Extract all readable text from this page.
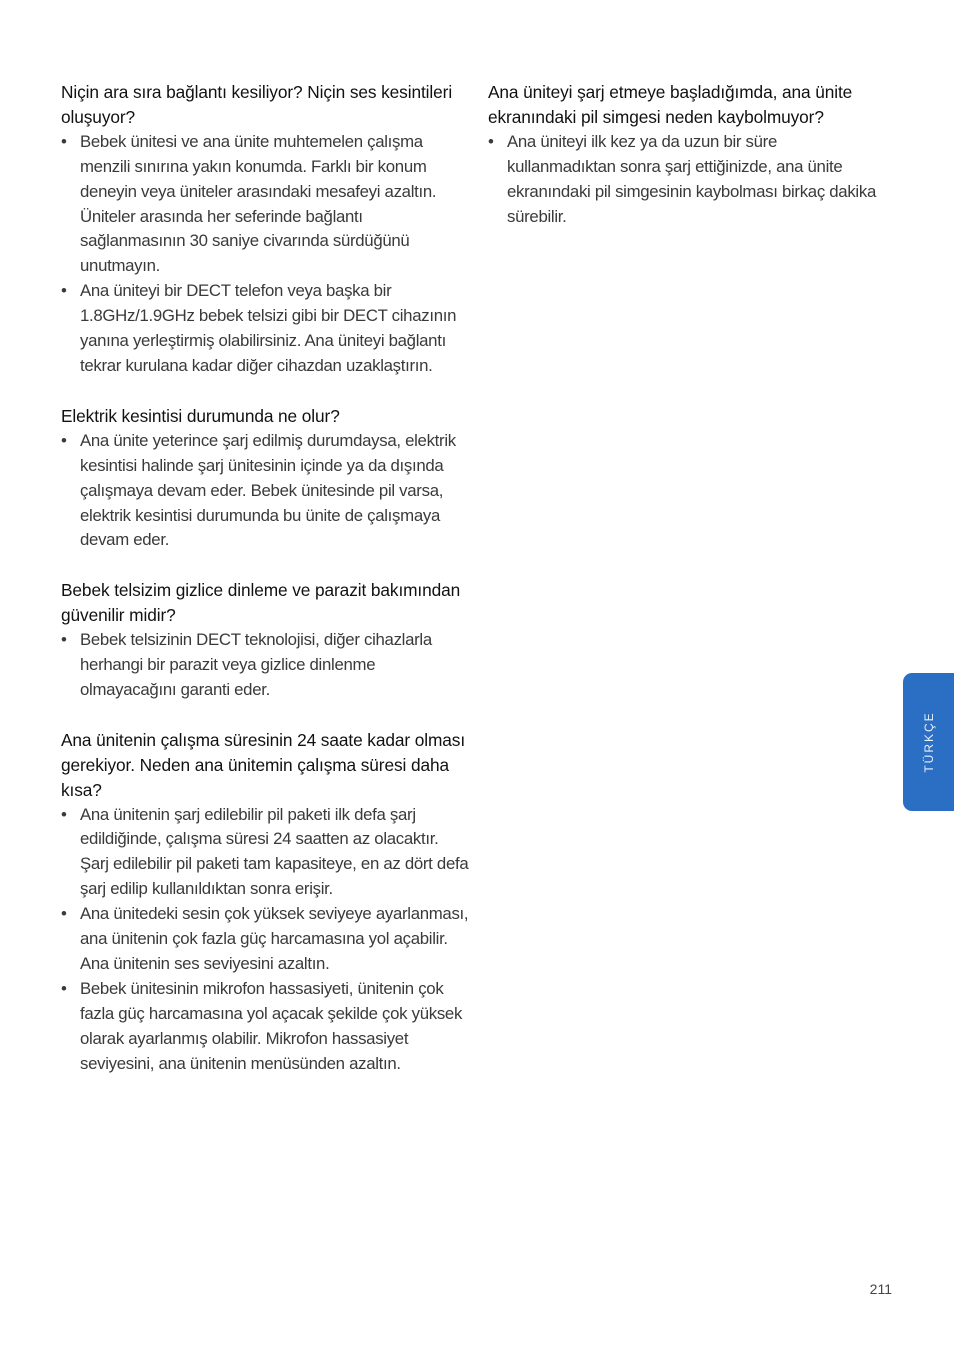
Niçin ara sıra bağlantı kesiliyor? Niçin ses kesintileri oluşuyor?

• Bebek ünitesi ve ana ünite muhtemelen çalışma menzili sınırına yakın konumda. Farklı bir konum deneyin veya üniteler arasındaki mesafeyi azaltın. Üniteler arasında her seferinde bağlantı sağlanmasının 30 saniye civarında sürdüğünü unutmayın.
• Ana üniteyi bir DECT telefon veya başka bir 1.8GHz/1.9GHz bebek telsizi gibi bir DECT cihazının yanına yerleştirmiş olabilirsiniz. Ana üniteyi bağlantı tekrar kurulana kadar diğer cihazdan uzaklaştırın.

Elektrik kesintisi durumunda ne olur?

• Ana ünite yeterince şarj edilmiş durumdaysa, elektrik kesintisi halinde şarj ünitesinin içinde ya da dışında çalışmaya devam eder. Bebek ünitesinde pil varsa, elektrik kesintisi durumunda bu ünite de çalışmaya devam eder.

Bebek telsizim gizlice dinleme ve parazit bakımından güvenilir midir?

• Bebek telsizinin DECT teknolojisi, diğer cihazlarla herhangi bir parazit veya gizlice dinlenme olmayacağını garanti eder.

Ana ünitenin çalışma süresinin 24 saate kadar olması gerekiyor. Neden ana ünitemin çalışma süresi daha kısa?

• Ana ünitenin şarj edilebilir pil paketi ilk defa şarj edildiğinde, çalışma süresi 24 saatten az olacaktır. Şarj edilebilir pil paketi tam kapasiteye, en az dört defa şarj edilip kullanıldıktan sonra erişir.
• Ana ünitedeki sesin çok yüksek seviyeye ayarlanması, ana ünitenin çok fazla güç harcamasına yol açabilir. Ana ünitenin ses seviyesini azaltın.
• Bebek ünitesinin mikrofon hassasiyeti, ünitenin çok fazla güç harcamasına yol açacak şekilde çok yüksek olarak ayarlanmış olabilir. Mikrofon hassasiyet seviyesini, ana ünitenin menüsünden azaltın.

Ana üniteyi şarj etmeye başladığımda, ana ünite ekranındaki pil simgesi neden kaybolmuyor?

• Ana üniteyi ilk kez ya da uzun bir süre kullanmadıktan sonra şarj ettiğinizde, ana ünite ekranındaki pil simgesinin kaybolması birkaç dakika sürebilir.
TÜRKÇE
211
